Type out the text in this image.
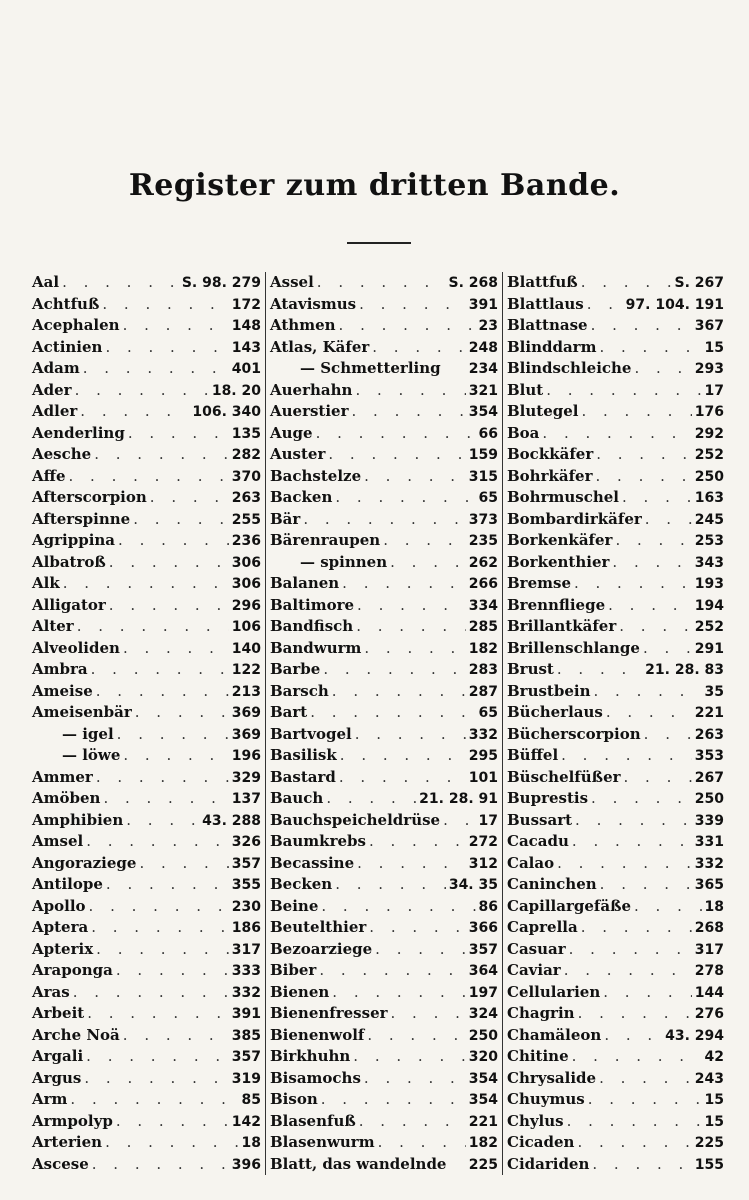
Register zum dritten Bande.
Aal . . .	S. 98. 279
Achtfuß . . .	172
Acephalen . . .	148
Actinien . . .	143
Adam . . .	401
Ader . . .	18. 20
Adler . . .	106. 340
Aenderling . . .	135
Aesche . . .	282
Affe . . .	370
Afterscorpion . . .	263
Afterspinne . . .	255
Agrippina . . .	236
Albatroß . . .	306
Alk . . .	306
Alligator . . .	296
Alter . . .	106
Alveoliden . . .	140
Ambra . . .	122
Ameise . . .	213
Ameisenbär . . .	369
— igel . . .	369
— löwe . . .	196
Ammer . . .	329
Amöben . . .	137
Amphibien . . .	43. 288
Amsel . . .	326
Angoraziege . . .	357
Antilope . . .	355
Apollo . . .	230
Aptera . . .	186
Apterix . . .	317
Araponga . . .	333
Aras . . .	332
Arbeit . . .	391
Arche Noä . . .	385
Argali . . .	357
Argus . . .	319
Arm . . .	85
Armpolyp . . .	142
Arterien . . .	18
Ascese . . .	396
Assel . . .	S. 268
Atavismus . . .	391
Athmen . . .	23
Atlas, Käfer . . .	248
— Schmetterling 234
Auerhahn . . .	321
Auerstier . . .	354
Auge . . .	66
Auster . . .	159
Bachstelze . . .	315
Backen . . .	65
Bär . . .	373
Bärenraupen . . .	235
— spinnen . . .	262
Balanen . . .	266
Baltimore . . .	334
Bandfisch . . .	285
Bandwurm . . .	182
Barbe . . .	283
Barsch . . .	287
Bart . . .	65
Bartvogel . . .	332
Basilisk . . .	295
Bastard . . .	101
Bauch . . .	21. 28. 91
Bauchspeicheldrüse . . .	17
Baumkrebs . . .	272
Becassine . . .	312
Becken . . .	34. 35
Beine . . .	86
Beutelthier . . .	366
Bezoarziege . . .	357
Biber . . .	364
Bienen . . .	197
Bienenfresser . . .	324
Bienenwolf . . .	250
Birkhuhn . . .	320
Bisamochs . . .	354
Bison . . .	354
Blasenfuß . . .	221
Blasenwurm . . .	182
Blatt, das wandelnde 225
Blattfuß . . .	S. 267
Blattlaus . . .	97. 104. 191
Blattnase . . .	367
Blinddarm . . .	15
Blindschleiche . . .	293
Blut . . .	17
Blutegel . . .	176
Boa . . .	292
Bockkäfer . . .	252
Bohrkäfer . . .	250
Bohrmuschel . . .	163
Bombardirkäfer . . .	245
Borkenkäfer . . .	253
Borkenthier . . .	343
Bremse . . .	193
Brennfliege . . .	194
Brillantkäfer . . .	252
Brillenschlange . . .	291
Brust . . .	21. 28. 83
Brustbein . . .	35
Bücherlaus . . .	221
Bücherscorpion . . .	263
Büffel . . .	353
Büschelfüßer . . .	267
Buprestis . . .	250
Bussart . . .	339
Cacadu . . .	331
Calao . . .	332
Caninchen . . .	365
Capillargefäße . . .	18
Caprella . . .	268
Casuar . . .	317
Caviar . . .	278
Cellularien . . .	144
Chagrin . . .	276
Chamäleon . . .	43. 294
Chitine . . .	42
Chrysalide . . .	243
Chuymus . . .	15
Chylus . . .	15
Cicaden . . .	225
Cidariden . . .	155
